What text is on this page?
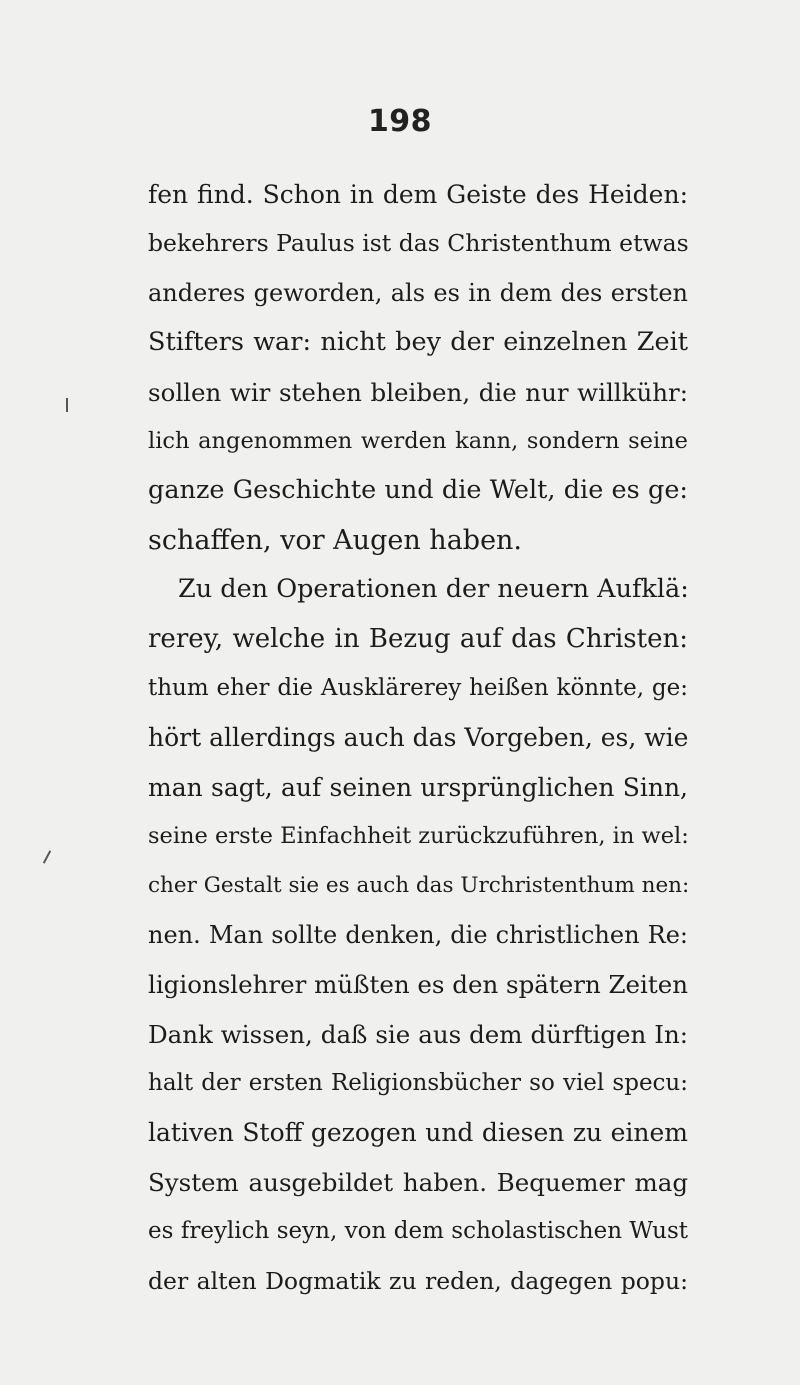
198
fen find. Schon in dem Geiste des Heiden:
bekehrers Paulus ist das Christenthum etwas
anderes geworden, als es in dem des ersten
Stifters war: nicht bey der einzelnen Zeit
sollen wir stehen bleiben, die nur willkühr:
lich angenommen werden kann, sondern seine
ganze Geschichte und die Welt, die es ge:
schaffen, vor Augen haben.
Zu den Operationen der neuern Aufklä:
rerey, welche in Bezug auf das Christen:
thum eher die Ausklärerey heißen könnte, ge:
hört allerdings auch das Vorgeben, es, wie
man sagt, auf seinen ursprünglichen Sinn,
seine erste Einfachheit zurückzuführen, in wel:
cher Gestalt sie es auch das Urchristenthum nen:
nen. Man sollte denken, die christlichen Re:
ligionslehrer müßten es den spätern Zeiten
Dank wissen, daß sie aus dem dürftigen In:
halt der ersten Religionsbücher so viel specu:
lativen Stoff gezogen und diesen zu einem
System ausgebildet haben. Bequemer mag
es freylich seyn, von dem scholastischen Wust
der alten Dogmatik zu reden, dagegen popu:
